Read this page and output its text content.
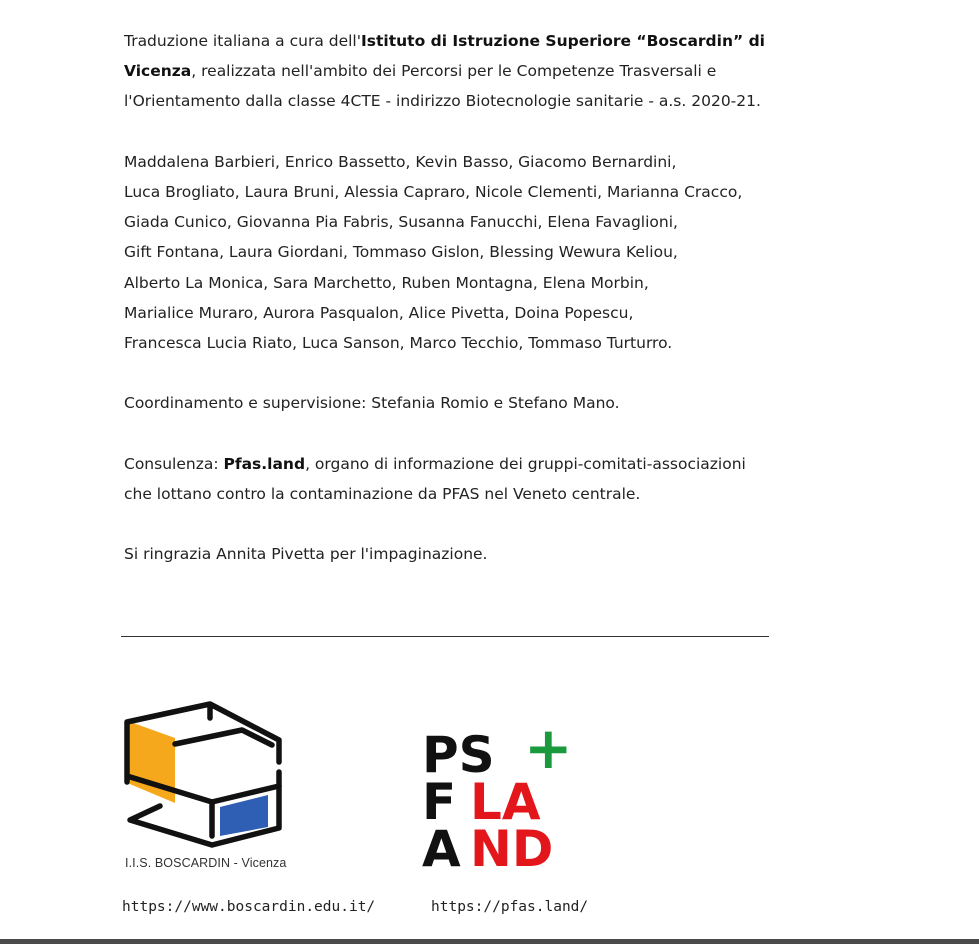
Traduzione italiana a cura dell'Istituto di Istruzione Superiore “Boscardin” di Vicenza, realizzata nell'ambito dei Percorsi per le Competenze Trasversali e l'Orientamento dalla classe 4CTE - indirizzo Biotecnologie sanitarie - a.s. 2020-21.

Maddalena Barbieri, Enrico Bassetto, Kevin Basso, Giacomo Bernardini,
Luca Brogliato, Laura Bruni, Alessia Capraro, Nicole Clementi, Marianna Cracco,
Giada Cunico, Giovanna Pia Fabris, Susanna Fanucchi, Elena Favaglioni,
Gift Fontana, Laura Giordani, Tommaso Gislon, Blessing Wewura Keliou,
Alberto La Monica, Sara Marchetto, Ruben Montagna, Elena Morbin,
Marialice Muraro, Aurora Pasqualon, Alice Pivetta, Doina Popescu,
Francesca Lucia Riato, Luca Sanson, Marco Tecchio, Tommaso Turturro.

Coordinamento e supervisione: Stefania Romio e Stefano Mano.

Consulenza: Pfas.land, organo di informazione dei gruppi-comitati-associazioni
che lottano contro la contaminazione da PFAS nel Veneto centrale.

Si ringrazia Annita Pivetta per l'impaginazione.

I.I.S. BOSCARDIN - Vicenza
PS
F LA
A ND
+
https://www.boscardin.edu.it/	https://pfas.land/
